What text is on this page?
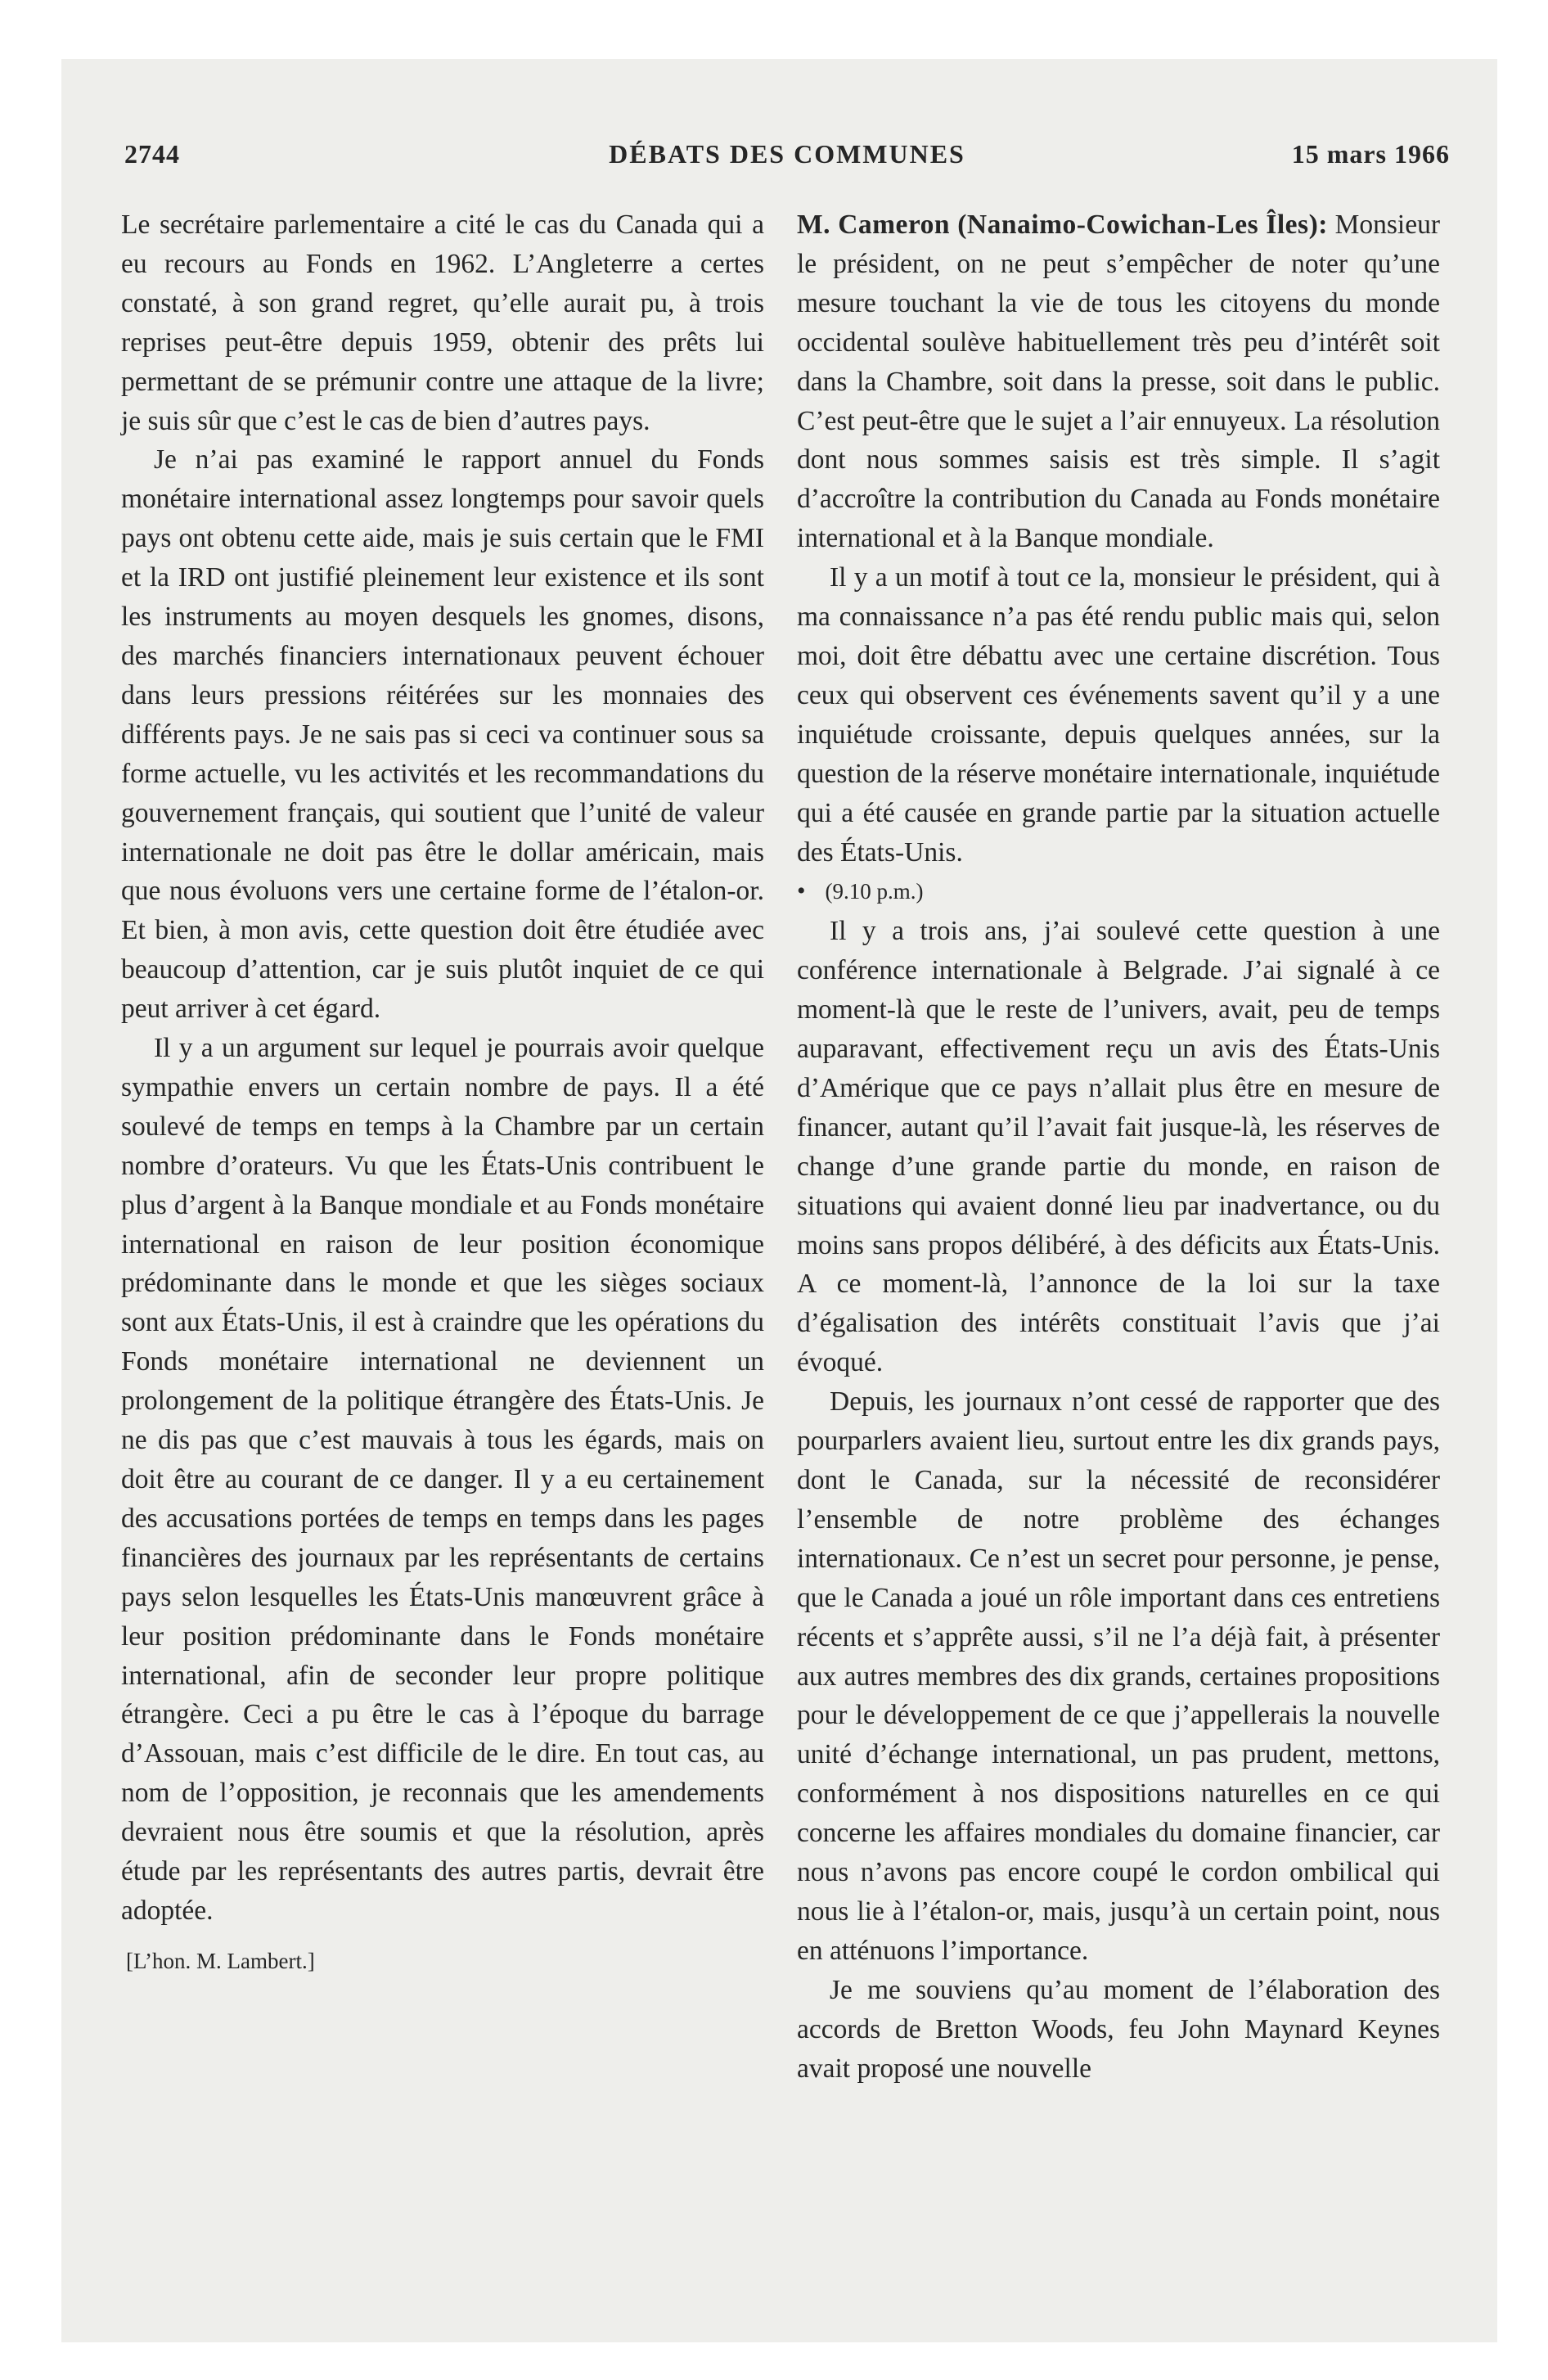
2744	DÉBATS DES COMMUNES	15 mars 1966

Le secrétaire parlementaire a cité le cas du Canada qui a eu recours au Fonds en 1962. L’Angleterre a certes constaté, à son grand regret, qu’elle aurait pu, à trois reprises peut-être depuis 1959, obtenir des prêts lui permettant de se prémunir contre une attaque de la livre; je suis sûr que c’est le cas de bien d’autres pays.

Je n’ai pas examiné le rapport annuel du Fonds monétaire international assez longtemps pour savoir quels pays ont obtenu cette aide, mais je suis certain que le FMI et la IRD ont justifié pleinement leur existence et ils sont les instruments au moyen desquels les gnomes, disons, des marchés financiers internationaux peuvent échouer dans leurs pressions réitérées sur les monnaies des différents pays. Je ne sais pas si ceci va continuer sous sa forme actuelle, vu les activités et les recommandations du gouvernement français, qui soutient que l’unité de valeur internationale ne doit pas être le dollar américain, mais que nous évoluons vers une certaine forme de l’étalon-or. Et bien, à mon avis, cette question doit être étudiée avec beaucoup d’attention, car je suis plutôt inquiet de ce qui peut arriver à cet égard.

Il y a un argument sur lequel je pourrais avoir quelque sympathie envers un certain nombre de pays. Il a été soulevé de temps en temps à la Chambre par un certain nombre d’orateurs. Vu que les États-Unis contribuent le plus d’argent à la Banque mondiale et au Fonds monétaire international en raison de leur position économique prédominante dans le monde et que les sièges sociaux sont aux États-Unis, il est à craindre que les opérations du Fonds monétaire international ne deviennent un prolongement de la politique étrangère des États-Unis. Je ne dis pas que c’est mauvais à tous les égards, mais on doit être au courant de ce danger. Il y a eu certainement des accusations portées de temps en temps dans les pages financières des journaux par les représentants de certains pays selon lesquelles les États-Unis manœuvrent grâce à leur position prédominante dans le Fonds monétaire international, afin de seconder leur propre politique étrangère. Ceci a pu être le cas à l’époque du barrage d’Assouan, mais c’est difficile de le dire. En tout cas, au nom de l’opposition, je reconnais que les amendements devraient nous être soumis et que la résolution, après étude par les représentants des autres partis, devrait être adoptée.

[L’hon. M. Lambert.]

M. Cameron (Nanaimo-Cowichan-Les Îles): Monsieur le président, on ne peut s’empêcher de noter qu’une mesure touchant la vie de tous les citoyens du monde occidental soulève habituellement très peu d’intérêt soit dans la Chambre, soit dans la presse, soit dans le public. C’est peut-être que le sujet a l’air ennuyeux. La résolution dont nous sommes saisis est très simple. Il s’agit d’accroître la contribution du Canada au Fonds monétaire international et à la Banque mondiale.

Il y a un motif à tout ce la, monsieur le président, qui à ma connaissance n’a pas été rendu public mais qui, selon moi, doit être débattu avec une certaine discrétion. Tous ceux qui observent ces événements savent qu’il y a une inquiétude croissante, depuis quelques années, sur la question de la réserve monétaire internationale, inquiétude qui a été causée en grande partie par la situation actuelle des États-Unis.

• (9.10 p.m.)

Il y a trois ans, j’ai soulevé cette question à une conférence internationale à Belgrade. J’ai signalé à ce moment-là que le reste de l’univers, avait, peu de temps auparavant, effectivement reçu un avis des États-Unis d’Amérique que ce pays n’allait plus être en mesure de financer, autant qu’il l’avait fait jusque-là, les réserves de change d’une grande partie du monde, en raison de situations qui avaient donné lieu par inadvertance, ou du moins sans propos délibéré, à des déficits aux États-Unis. A ce moment-là, l’annonce de la loi sur la taxe d’égalisation des intérêts constituait l’avis que j’ai évoqué.

Depuis, les journaux n’ont cessé de rapporter que des pourparlers avaient lieu, surtout entre les dix grands pays, dont le Canada, sur la nécessité de reconsidérer l’ensemble de notre problème des échanges internationaux. Ce n’est un secret pour personne, je pense, que le Canada a joué un rôle important dans ces entretiens récents et s’apprête aussi, s’il ne l’a déjà fait, à présenter aux autres membres des dix grands, certaines propositions pour le développement de ce que j’appellerais la nouvelle unité d’échange international, un pas prudent, mettons, conformément à nos dispositions naturelles en ce qui concerne les affaires mondiales du domaine financier, car nous n’avons pas encore coupé le cordon ombilical qui nous lie à l’étalon-or, mais, jusqu’à un certain point, nous en atténuons l’importance.

Je me souviens qu’au moment de l’élaboration des accords de Bretton Woods, feu John Maynard Keynes avait proposé une nouvelle
